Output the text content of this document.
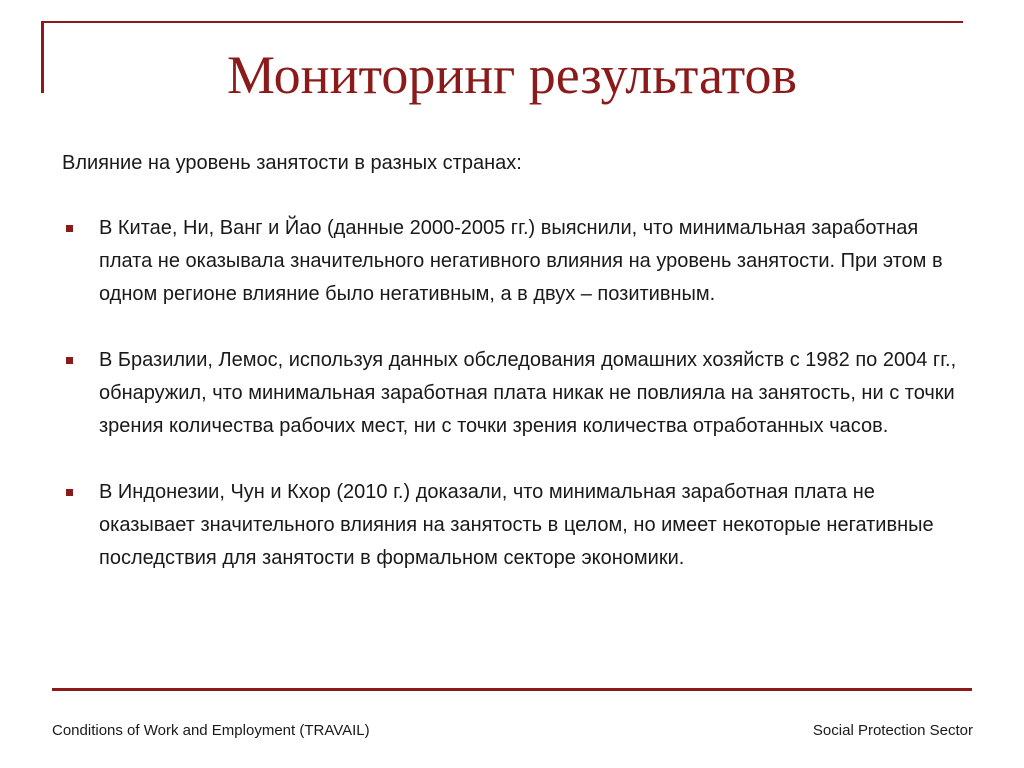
Мониторинг результатов
Влияние на уровень занятости в разных странах:
В Китае, Ни, Ванг и Йао (данные 2000-2005 гг.) выяснили, что минимальная заработная плата не оказывала значительного негативного влияния на уровень занятости. При этом в одном регионе влияние было негативным, а в двух – позитивным.
В Бразилии, Лемос, используя данных обследования домашних хозяйств с 1982 по 2004 гг., обнаружил, что минимальная заработная плата никак не повлияла на занятость, ни с точки зрения количества рабочих мест, ни с точки зрения количества отработанных часов.
В Индонезии, Чун и Кхор (2010 г.) доказали, что минимальная заработная плата не оказывает значительного влияния на занятость в целом, но имеет некоторые негативные последствия для занятости в формальном секторе экономики.
Conditions of Work and Employment (TRAVAIL)	Social Protection Sector
